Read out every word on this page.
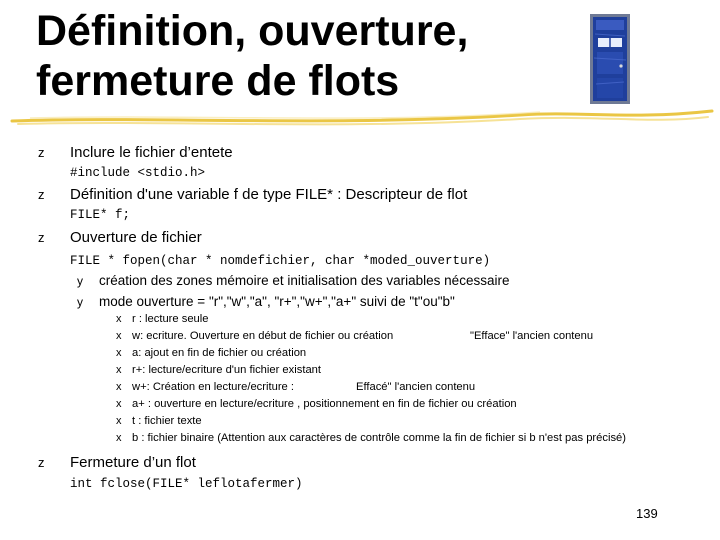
Définition, ouverture,
fermeture de flots
z Inclure le fichier d’entete
#include <stdio.h>
z Définition d'une variable f de type FILE* : Descripteur de flot
FILE* f;
z Ouverture de fichier
FILE * fopen(char * nomdefichier, char *moded_ouverture)
y création des zones mémoire et initialisation des variables nécessaire
y mode ouverture = "r","w","a", "r+","w+","a+" suivi de "t"ou"b"
x r : lecture seule
x w: ecriture. Ouverture en début de fichier ou création	"Efface" l'ancien contenu
x a: ajout en fin de fichier ou création
x r+: lecture/ecriture d'un fichier existant
x w+: Création en lecture/ecriture :	Effacé" l'ancien contenu
x a+ : ouverture en lecture/ecriture , positionnement en fin de fichier ou création
x t : fichier texte
x b : fichier binaire (Attention aux caractères de contrôle comme la fin de fichier si b n'est pas précisé)
z Fermeture d’un flot
int fclose(FILE* leflotafermer)
139
